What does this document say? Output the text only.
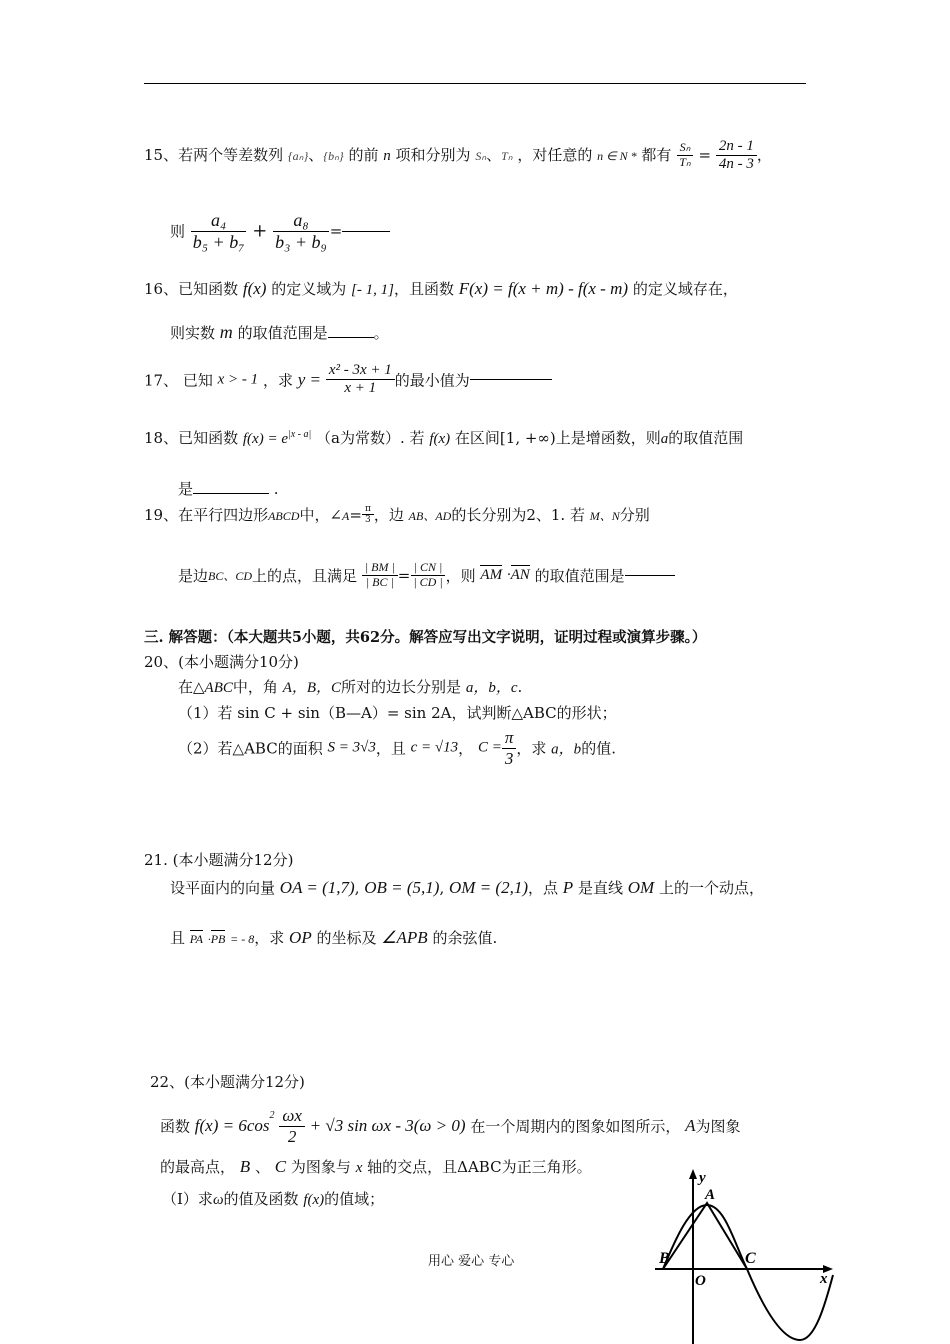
15、若两个等差数列 {aₙ}、{bₙ} 的前 n 项和分别为 Sₙ、Tₙ ，对任意的 n ∈ N * 都有 $\frac{\text{Sₙ}}{\text{Tₙ}} = \frac{2n - 1}{4n - 3}$ ，
则 $\frac{\text{a₄}}{\text{b₅ + b₇}} + \frac{\text{a₈}}{\text{b₃ + b₉}}$ =
16、已知函数 f(x) 的定义域为 [- 1, 1]，且函数 F(x) = f(x + m) - f(x - m) 的定义域存在，
则实数 m 的取值范围是	。
17、 已知 x > - 1 ，求 $y = \frac{\text{x² - 3x + 1}}{x + 1}$ 的最小值为
18、已知函数 $f(x) = e^{|x - a|}$ （a为常数）. 若 f(x) 在区间[1, +∞)上是增函数，则a的取值范围
是	.
19、在平行四边形ABCD中，∠A= $\frac{\pi}{3}$ ，边 AB、AD的长分别为2、1. 若 M、N分别
是边BC、CD上的点，且满足 $\frac{| BM |}{| BC |} = \frac{| CN |}{| CD |}$ ，则 AM ·AN 的取值范围是
三. 解答题：（本大题共5小题，共62分。解答应写出文字说明，证明过程或演算步骤。）
20、(本小题满分10分)
在△ABC中，角 A，B，C所对的边长分别是 a，b，c.
（1）若 sin C + sin（B—A）= sin 2A，试判断△ABC的形状；
（2）若△ABC的面积 S = 3√3，且 c = √13， $C = \frac{\pi}{3}$ ，求 a，b的值.
21. (本小题满分12分)
设平面内的向量 OA = (1,7), OB = (5,1), OM = (2,1)，点 P 是直线 OM 上的一个动点，
且 PA ·PB = - 8，求 OP 的坐标及 ∠APB 的余弦值.
22、(本小题满分12分)
函数 $f(x) = 6\cos^2 \frac{\omega x}{2} + √3$ sin ωx - 3(ω > 0) 在一个周期内的图象如图所示， A为图象
的最高点， B 、 C 为图象与 x 轴的交点，且ΔABC为正三角形。
（Ⅰ）求ω的值及函数 f(x)的值域；
y
A
B	C
O	x
用心 爱心 专心
